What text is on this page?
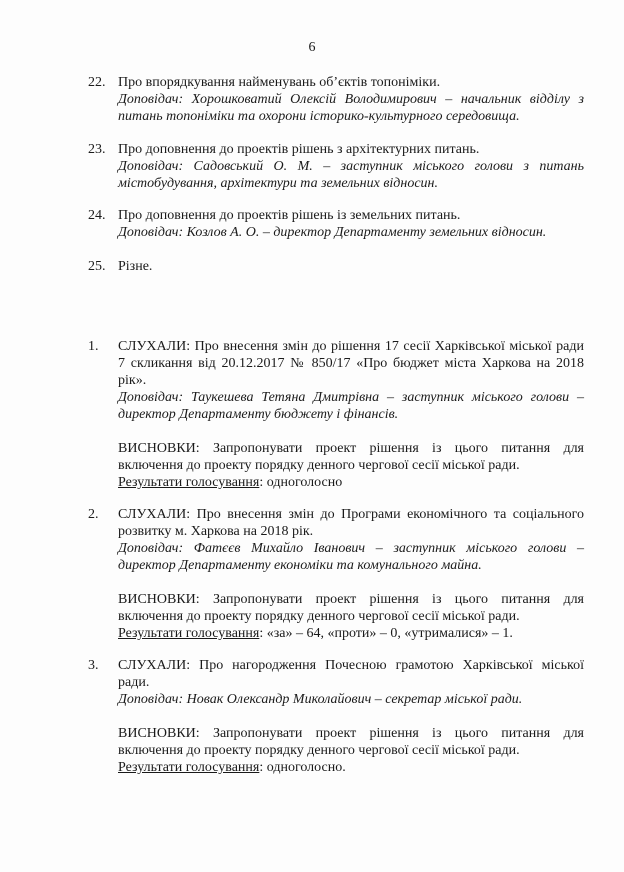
6
22. Про впорядкування найменувань об’єктів топоніміки.
Доповідач: Хорошковатий Олексій Володимирович – начальник відділу з питань топоніміки та охорони історико-культурного середовища.
23. Про доповнення до проектів рішень з архітектурних питань.
Доповідач: Садовський О. М. – заступник міського голови з питань містобудування, архітектури та земельних відносин.
24. Про доповнення до проектів рішень із земельних питань.
Доповідач: Козлов А. О. – директор Департаменту земельних відносин.
25. Різне.
1.	СЛУХАЛИ: Про внесення змін до рішення 17 сесії Харківської міської ради 7 скликання від 20.12.2017 № 850/17 «Про бюджет міста Харкова на 2018 рік».
Доповідач: Таукешева Тетяна Дмитрівна – заступник міського голови – директор Департаменту бюджету і фінансів.
ВИСНОВКИ: Запропонувати проект рішення із цього питання для включення до проекту порядку денного чергової сесії міської ради.
Результати голосування: одноголосно
2.	СЛУХАЛИ: Про внесення змін до Програми економічного та соціального розвитку м. Харкова на 2018 рік.
Доповідач: Фатєєв Михайло Іванович – заступник міського голови – директор Департаменту економіки та комунального майна.
ВИСНОВКИ: Запропонувати проект рішення із цього питання для включення до проекту порядку денного чергової сесії міської ради.
Результати голосування: «за» – 64, «проти» – 0, «утрималися» – 1.
3.	СЛУХАЛИ: Про нагородження Почесною грамотою Харківської міської ради.
Доповідач: Новак Олександр Миколайович – секретар міської ради.
ВИСНОВКИ: Запропонувати проект рішення із цього питання для включення до проекту порядку денного чергової сесії міської ради.
Результати голосування: одноголосно.
